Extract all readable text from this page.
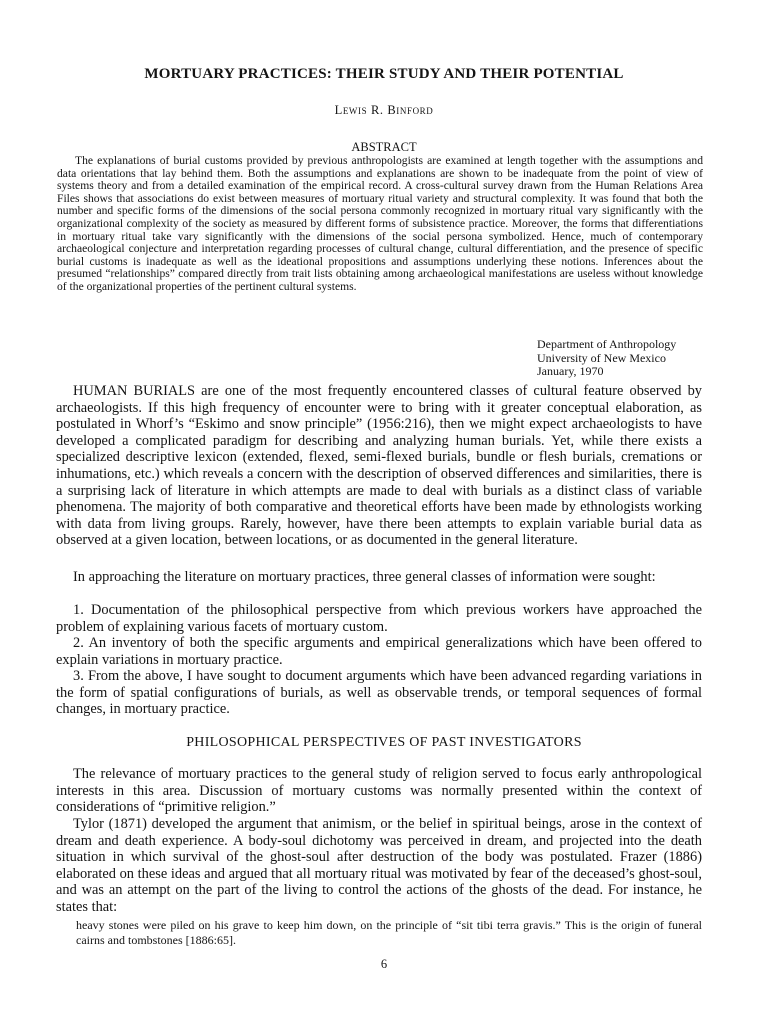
MORTUARY PRACTICES: THEIR STUDY AND THEIR POTENTIAL
Lewis R. Binford
ABSTRACT

The explanations of burial customs provided by previous anthropologists are examined at length together with the assumptions and data orientations that lay behind them. Both the assumptions and explanations are shown to be inadequate from the point of view of systems theory and from a detailed examination of the empirical record. A cross-cultural survey drawn from the Human Relations Area Files shows that associations do exist between measures of mortuary ritual variety and structural complexity. It was found that both the number and specific forms of the dimensions of the social persona commonly recognized in mortuary ritual vary significantly with the organizational complexity of the society as measured by different forms of subsistence practice. Moreover, the forms that differentiations in mortuary ritual take vary significantly with the dimensions of the social persona symbolized. Hence, much of contemporary archaeological conjecture and interpretation regarding processes of cultural change, cultural differentiation, and the presence of specific burial customs is inadequate as well as the ideational propositions and assumptions underlying these notions. Inferences about the presumed “relationships” compared directly from trait lists obtaining among archaeological manifestations are useless without knowledge of the organizational properties of the pertinent cultural systems.

Department of Anthropology
University of New Mexico
January, 1970

HUMAN BURIALS are one of the most frequently encountered classes of cultural feature observed by archaeologists. If this high frequency of encounter were to bring with it greater conceptual elaboration, as postulated in Whorf’s “Eskimo and snow principle” (1956:216), then we might expect archaeologists to have developed a complicated paradigm for describing and analyzing human burials. Yet, while there exists a specialized descriptive lexicon (extended, flexed, semi-flexed burials, bundle or flesh burials, cremations or inhumations, etc.) which reveals a concern with the description of observed differences and similarities, there is a surprising lack of literature in which attempts are made to deal with burials as a distinct class of variable phenomena. The majority of both comparative and theoretical efforts have been made by ethnologists working with data from living groups. Rarely, however, have there been attempts to explain variable burial data as observed at a given location, between locations, or as documented in the general literature.

In approaching the literature on mortuary practices, three general classes of information were sought:

1. Documentation of the philosophical perspective from which previous workers have approached the problem of explaining various facets of mortuary custom.

2. An inventory of both the specific arguments and empirical generalizations which have been offered to explain variations in mortuary practice.

3. From the above, I have sought to document arguments which have been advanced regarding variations in the form of spatial configurations of burials, as well as observable trends, or temporal sequences of formal changes, in mortuary practice.

PHILOSOPHICAL PERSPECTIVES OF PAST INVESTIGATORS

The relevance of mortuary practices to the general study of religion served to focus early anthropological interests in this area. Discussion of mortuary customs was normally presented within the context of considerations of “primitive religion.”

Tylor (1871) developed the argument that animism, or the belief in spiritual beings, arose in the context of dream and death experience. A body-soul dichotomy was perceived in dream, and projected into the death situation in which survival of the ghost-soul after destruction of the body was postulated. Frazer (1886) elaborated on these ideas and argued that all mortuary ritual was motivated by fear of the deceased’s ghost-soul, and was an attempt on the part of the living to control the actions of the ghosts of the dead. For instance, he states that:

heavy stones were piled on his grave to keep him down, on the principle of “sit tibi terra gravis.” This is the origin of funeral cairns and tombstones [1886:65].

6
